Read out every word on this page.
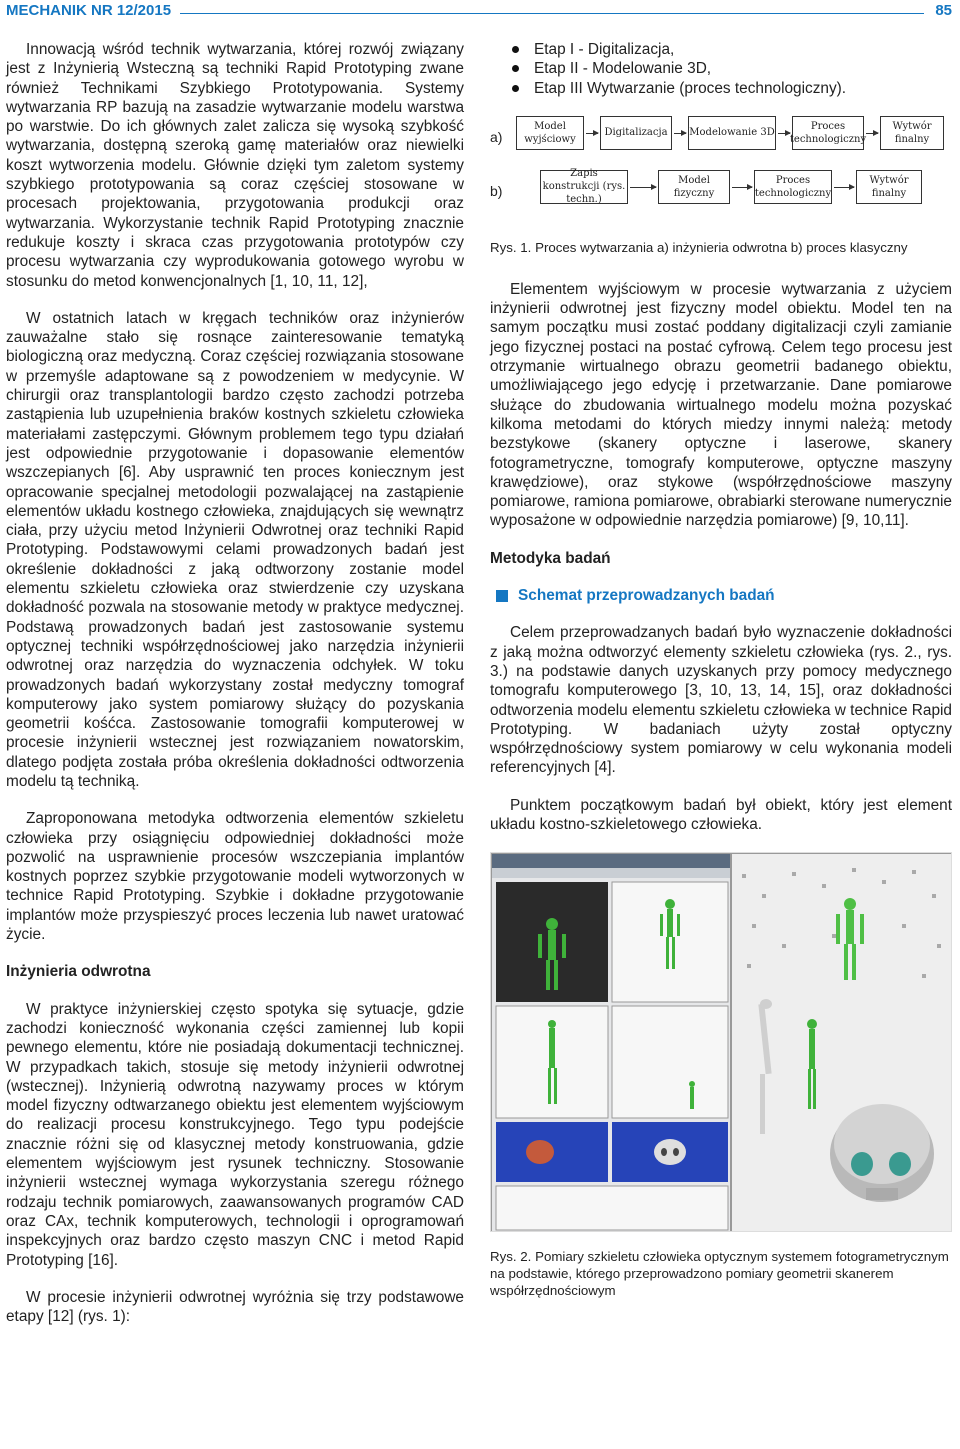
MECHANIK NR 12/2015	85

Innowacją wśród technik wytwarzania, której rozwój związany jest z Inżynierią Wsteczną są techniki Rapid Prototyping zwane również Technikami Szybkiego Prototypowania. Systemy wytwarzania RP bazują na zasadzie wytwarzanie modelu warstwa po warstwie. Do ich głównych zalet zalicza się wysoką szybkość wytwarzania, dostępną szeroką gamę materiałów oraz niewielki koszt wytworzenia modelu. Głównie dzięki tym zaletom systemy szybkiego prototypowania są coraz częściej stosowane w procesach projektowania, przygotowania produkcji oraz wytwarzania. Wykorzystanie technik Rapid Prototyping znacznie redukuje koszty i skraca czas przygotowania prototypów czy procesu wytwarzania czy wyprodukowania gotowego wyrobu w stosunku do metod konwencjonalnych [1, 10, 11, 12],

W ostatnich latach w kręgach techników oraz inżynierów zauważalne stało się rosnące zainteresowanie tematyką biologiczną oraz medyczną. Coraz częściej rozwiązania stosowane w przemyśle adaptowane są z powodzeniem w medycynie. W chirurgii oraz transplantologii bardzo często zachodzi potrzeba zastąpienia lub uzupełnienia braków kostnych szkieletu człowieka materiałami zastępczymi. Głównym problemem tego typu działań jest odpowiednie przygotowanie i dopasowanie elementów wszczepianych [6]. Aby usprawnić ten proces koniecznym jest opracowanie specjalnej metodologii pozwalającej na zastąpienie elementów układu kostnego człowieka, znajdujących się wewnątrz ciała, przy użyciu metod Inżynierii Odwrotnej oraz techniki Rapid Prototyping. Podstawowymi celami prowadzonych badań jest określenie dokładności z jaką odtworzony zostanie model elementu szkieletu człowieka oraz stwierdzenie czy uzyskana dokładność pozwala na stosowanie metody w praktyce medycznej. Podstawą prowadzonych badań jest zastosowanie systemu optycznej techniki współrzędnościowej jako narzędzia inżynierii odwrotnej oraz narzędzia do wyznaczenia odchyłek. W toku prowadzonych badań wykorzystany został medyczny tomograf komputerowy jako system pomiarowy służący do pozyskania geometrii kośćca. Zastosowanie tomografii komputerowej w procesie inżynierii wstecznej jest rozwiązaniem nowatorskim, dlatego podjęta została próba określenia dokładności odtworzenia modelu tą techniką.

Zaproponowana metodyka odtworzenia elementów szkieletu człowieka przy osiągnięciu odpowiedniej dokładności może pozwolić na usprawnienie procesów wszczepiania implantów kostnych poprzez szybkie przygotowanie modeli wytworzonych w technice Rapid Prototyping. Szybkie i dokładne przygotowanie implantów może przyspieszyć proces leczenia lub nawet uratować życie.

Inżynieria odwrotna

W praktyce inżynierskiej często spotyka się sytuacje, gdzie zachodzi konieczność wykonania części zamiennej lub kopii pewnego elementu, które nie posiadają dokumentacji technicznej. W przypadkach takich, stosuje się metody inżynierii odwrotnej (wstecznej). Inżynierią odwrotną nazywamy proces w którym model fizyczny odtwarzanego obiektu jest elementem wyjściowym do realizacji procesu konstrukcyjnego. Tego typu podejście znacznie różni się od klasycznej metody konstruowania, gdzie elementem wyjściowym jest rysunek techniczny. Stosowanie inżynierii wstecznej wymaga wykorzystania szeregu różnego rodzaju technik pomiarowych, zaawansowanych programów CAD oraz CAx, technik komputerowych, technologii i oprogramowań inspekcyjnych oraz bardzo często maszyn CNC i metod Rapid Prototyping [16].

W procesie inżynierii odwrotnej wyróżnia się trzy podstawowe etapy [12] (rys. 1):

Etap I - Digitalizacja,
Etap II - Modelowanie 3D,
Etap III Wytwarzanie (proces technologiczny).
a)
Model wyjściowy
Digitalizacja	Modelowanie 3D
Proces technologiczny
Wytwór finalny
b)
Zapis konstrukcji (rys. techn.)
Model fizyczny
Proces technologiczny
Wytwór finalny

Rys. 1. Proces wytwarzania a) inżynieria odwrotna b) proces klasyczny

Elementem wyjściowym w procesie wytwarzania z użyciem inżynierii odwrotnej jest fizyczny model obiektu. Model ten na samym początku musi zostać poddany digitalizacji czyli zamianie jego fizycznej postaci na postać cyfrową. Celem tego procesu jest otrzymanie wirtualnego obrazu geometrii badanego obiektu, umożliwiającego jego edycję i przetwarzanie. Dane pomiarowe służące do zbudowania wirtualnego modelu można pozyskać kilkoma metodami do których miedzy innymi należą: metody bezstykowe (skanery optyczne i laserowe, skanery fotogrametryczne, tomografy komputerowe, optyczne maszyny krawędziowe), oraz stykowe (współrzędnościowe maszyny pomiarowe, ramiona pomiarowe, obrabiarki sterowane numerycznie wyposażone w odpowiednie narzędzia pomiarowe) [9, 10,11].

Metodyka badań

Schemat przeprowadzanych badań

Celem przeprowadzanych badań było wyznaczenie dokładności z jaką można odtworzyć elementy szkieletu człowieka (rys. 2., rys. 3.) na podstawie danych uzyskanych przy pomocy medycznego tomografu komputerowego [3, 10, 13, 14, 15], oraz dokładności odtworzenia modelu elementu szkieletu człowieka w technice Rapid Prototyping. W badaniach użyty został optyczny współrzędnościowy system pomiarowy w celu wykonania modeli referencyjnych [4].

Punktem początkowym badań był obiekt, który jest element układu kostno-szkieletowego człowieka.

Rys. 2. Pomiary szkieletu człowieka optycznym systemem fotogrametrycznym na podstawie, którego przeprowadzono pomiary geometrii skanerem współrzędnościowym
